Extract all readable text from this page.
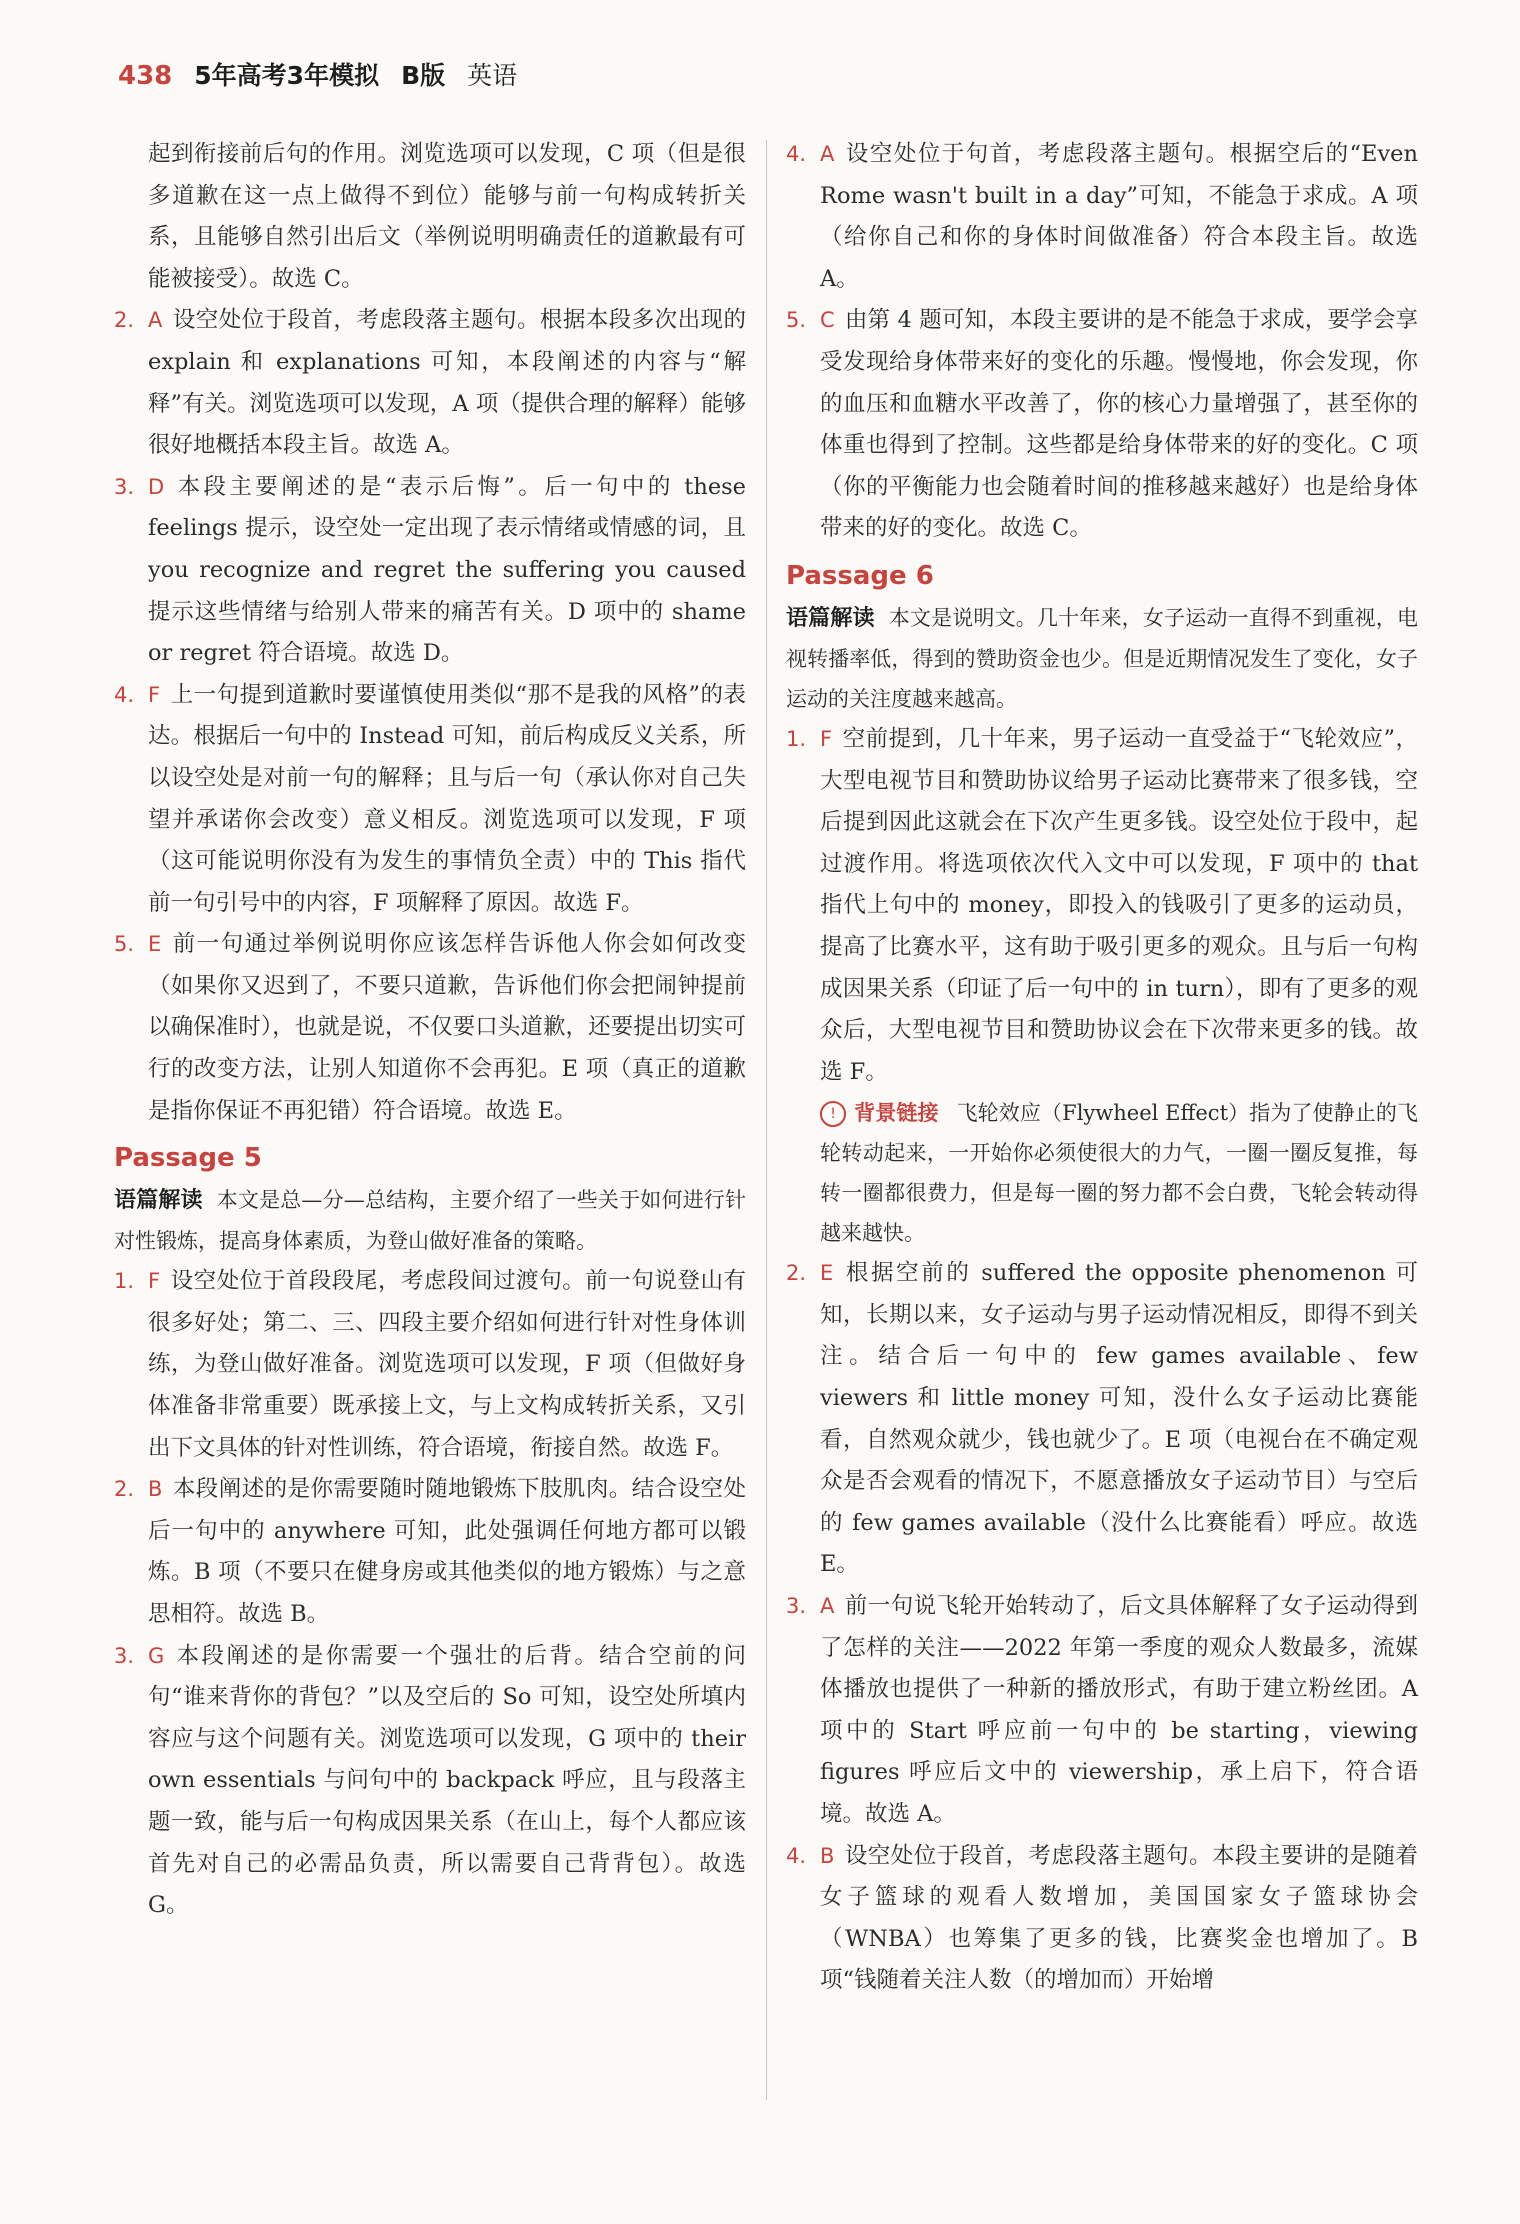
438 5年高考3年模拟 B版 英语

起到衔接前后句的作用。浏览选项可以发现，C 项（但是很多道歉在这一点上做得不到位）能够与前一句构成转折关系，且能够自然引出后文（举例说明明确责任的道歉最有可能被接受）。故选 C。

2. A 设空处位于段首，考虑段落主题句。根据本段多次出现的 explain 和 explanations 可知，本段阐述的内容与“解释”有关。浏览选项可以发现，A 项（提供合理的解释）能够很好地概括本段主旨。故选 A。

3. D 本段主要阐述的是“表示后悔”。后一句中的 these feelings 提示，设空处一定出现了表示情绪或情感的词，且 you recognize and regret the suffering you caused 提示这些情绪与给别人带来的痛苦有关。D 项中的 shame or regret 符合语境。故选 D。

4. F 上一句提到道歉时要谨慎使用类似“那不是我的风格”的表达。根据后一句中的 Instead 可知，前后构成反义关系，所以设空处是对前一句的解释；且与后一句（承认你对自己失望并承诺你会改变）意义相反。浏览选项可以发现，F 项（这可能说明你没有为发生的事情负全责）中的 This 指代前一句引号中的内容，F 项解释了原因。故选 F。

5. E 前一句通过举例说明你应该怎样告诉他人你会如何改变（如果你又迟到了，不要只道歉，告诉他们你会把闹钟提前以确保准时），也就是说，不仅要口头道歉，还要提出切实可行的改变方法，让别人知道你不会再犯。E 项（真正的道歉是指你保证不再犯错）符合语境。故选 E。

Passage 5

语篇解读 本文是总—分—总结构，主要介绍了一些关于如何进行针对性锻炼，提高身体素质，为登山做好准备的策略。

1. F 设空处位于首段段尾，考虑段间过渡句。前一句说登山有很多好处；第二、三、四段主要介绍如何进行针对性身体训练，为登山做好准备。浏览选项可以发现，F 项（但做好身体准备非常重要）既承接上文，与上文构成转折关系，又引出下文具体的针对性训练，符合语境，衔接自然。故选 F。

2. B 本段阐述的是你需要随时随地锻炼下肢肌肉。结合设空处后一句中的 anywhere 可知，此处强调任何地方都可以锻炼。B 项（不要只在健身房或其他类似的地方锻炼）与之意思相符。故选 B。

3. G 本段阐述的是你需要一个强壮的后背。结合空前的问句“谁来背你的背包？”以及空后的 So 可知，设空处所填内容应与这个问题有关。浏览选项可以发现，G 项中的 their own essentials 与问句中的 backpack 呼应，且与段落主题一致，能与后一句构成因果关系（在山上，每个人都应该首先对自己的必需品负责，所以需要自己背背包）。故选 G。

4. A 设空处位于句首，考虑段落主题句。根据空后的“Even Rome wasn't built in a day”可知，不能急于求成。A 项（给你自己和你的身体时间做准备）符合本段主旨。故选 A。

5. C 由第 4 题可知，本段主要讲的是不能急于求成，要学会享受发现给身体带来好的变化的乐趣。慢慢地，你会发现，你的血压和血糖水平改善了，你的核心力量增强了，甚至你的体重也得到了控制。这些都是给身体带来的好的变化。C 项（你的平衡能力也会随着时间的推移越来越好）也是给身体带来的好的变化。故选 C。

Passage 6

语篇解读 本文是说明文。几十年来，女子运动一直得不到重视，电视转播率低，得到的赞助资金也少。但是近期情况发生了变化，女子运动的关注度越来越高。

1. F 空前提到，几十年来，男子运动一直受益于“飞轮效应”，大型电视节目和赞助协议给男子运动比赛带来了很多钱，空后提到因此这就会在下次产生更多钱。设空处位于段中，起过渡作用。将选项依次代入文中可以发现，F 项中的 that 指代上句中的 money，即投入的钱吸引了更多的运动员，提高了比赛水平，这有助于吸引更多的观众。且与后一句构成因果关系（印证了后一句中的 in turn），即有了更多的观众后，大型电视节目和赞助协议会在下次带来更多的钱。故选 F。

! 背景链接 飞轮效应（Flywheel Effect）指为了使静止的飞轮转动起来，一开始你必须使很大的力气，一圈一圈反复推，每转一圈都很费力，但是每一圈的努力都不会白费，飞轮会转动得越来越快。

2. E 根据空前的 suffered the opposite phenomenon 可知，长期以来，女子运动与男子运动情况相反，即得不到关注。结合后一句中的 few games available、few viewers 和 little money 可知，没什么女子运动比赛能看，自然观众就少，钱也就少了。E 项（电视台在不确定观众是否会观看的情况下，不愿意播放女子运动节目）与空后的 few games available（没什么比赛能看）呼应。故选 E。

3. A 前一句说飞轮开始转动了，后文具体解释了女子运动得到了怎样的关注——2022 年第一季度的观众人数最多，流媒体播放也提供了一种新的播放形式，有助于建立粉丝团。A 项中的 Start 呼应前一句中的 be starting，viewing figures 呼应后文中的 viewership，承上启下，符合语境。故选 A。

4. B 设空处位于段首，考虑段落主题句。本段主要讲的是随着女子篮球的观看人数增加，美国国家女子篮球协会（WNBA）也筹集了更多的钱，比赛奖金也增加了。B 项“钱随着关注人数（的增加而）开始增
